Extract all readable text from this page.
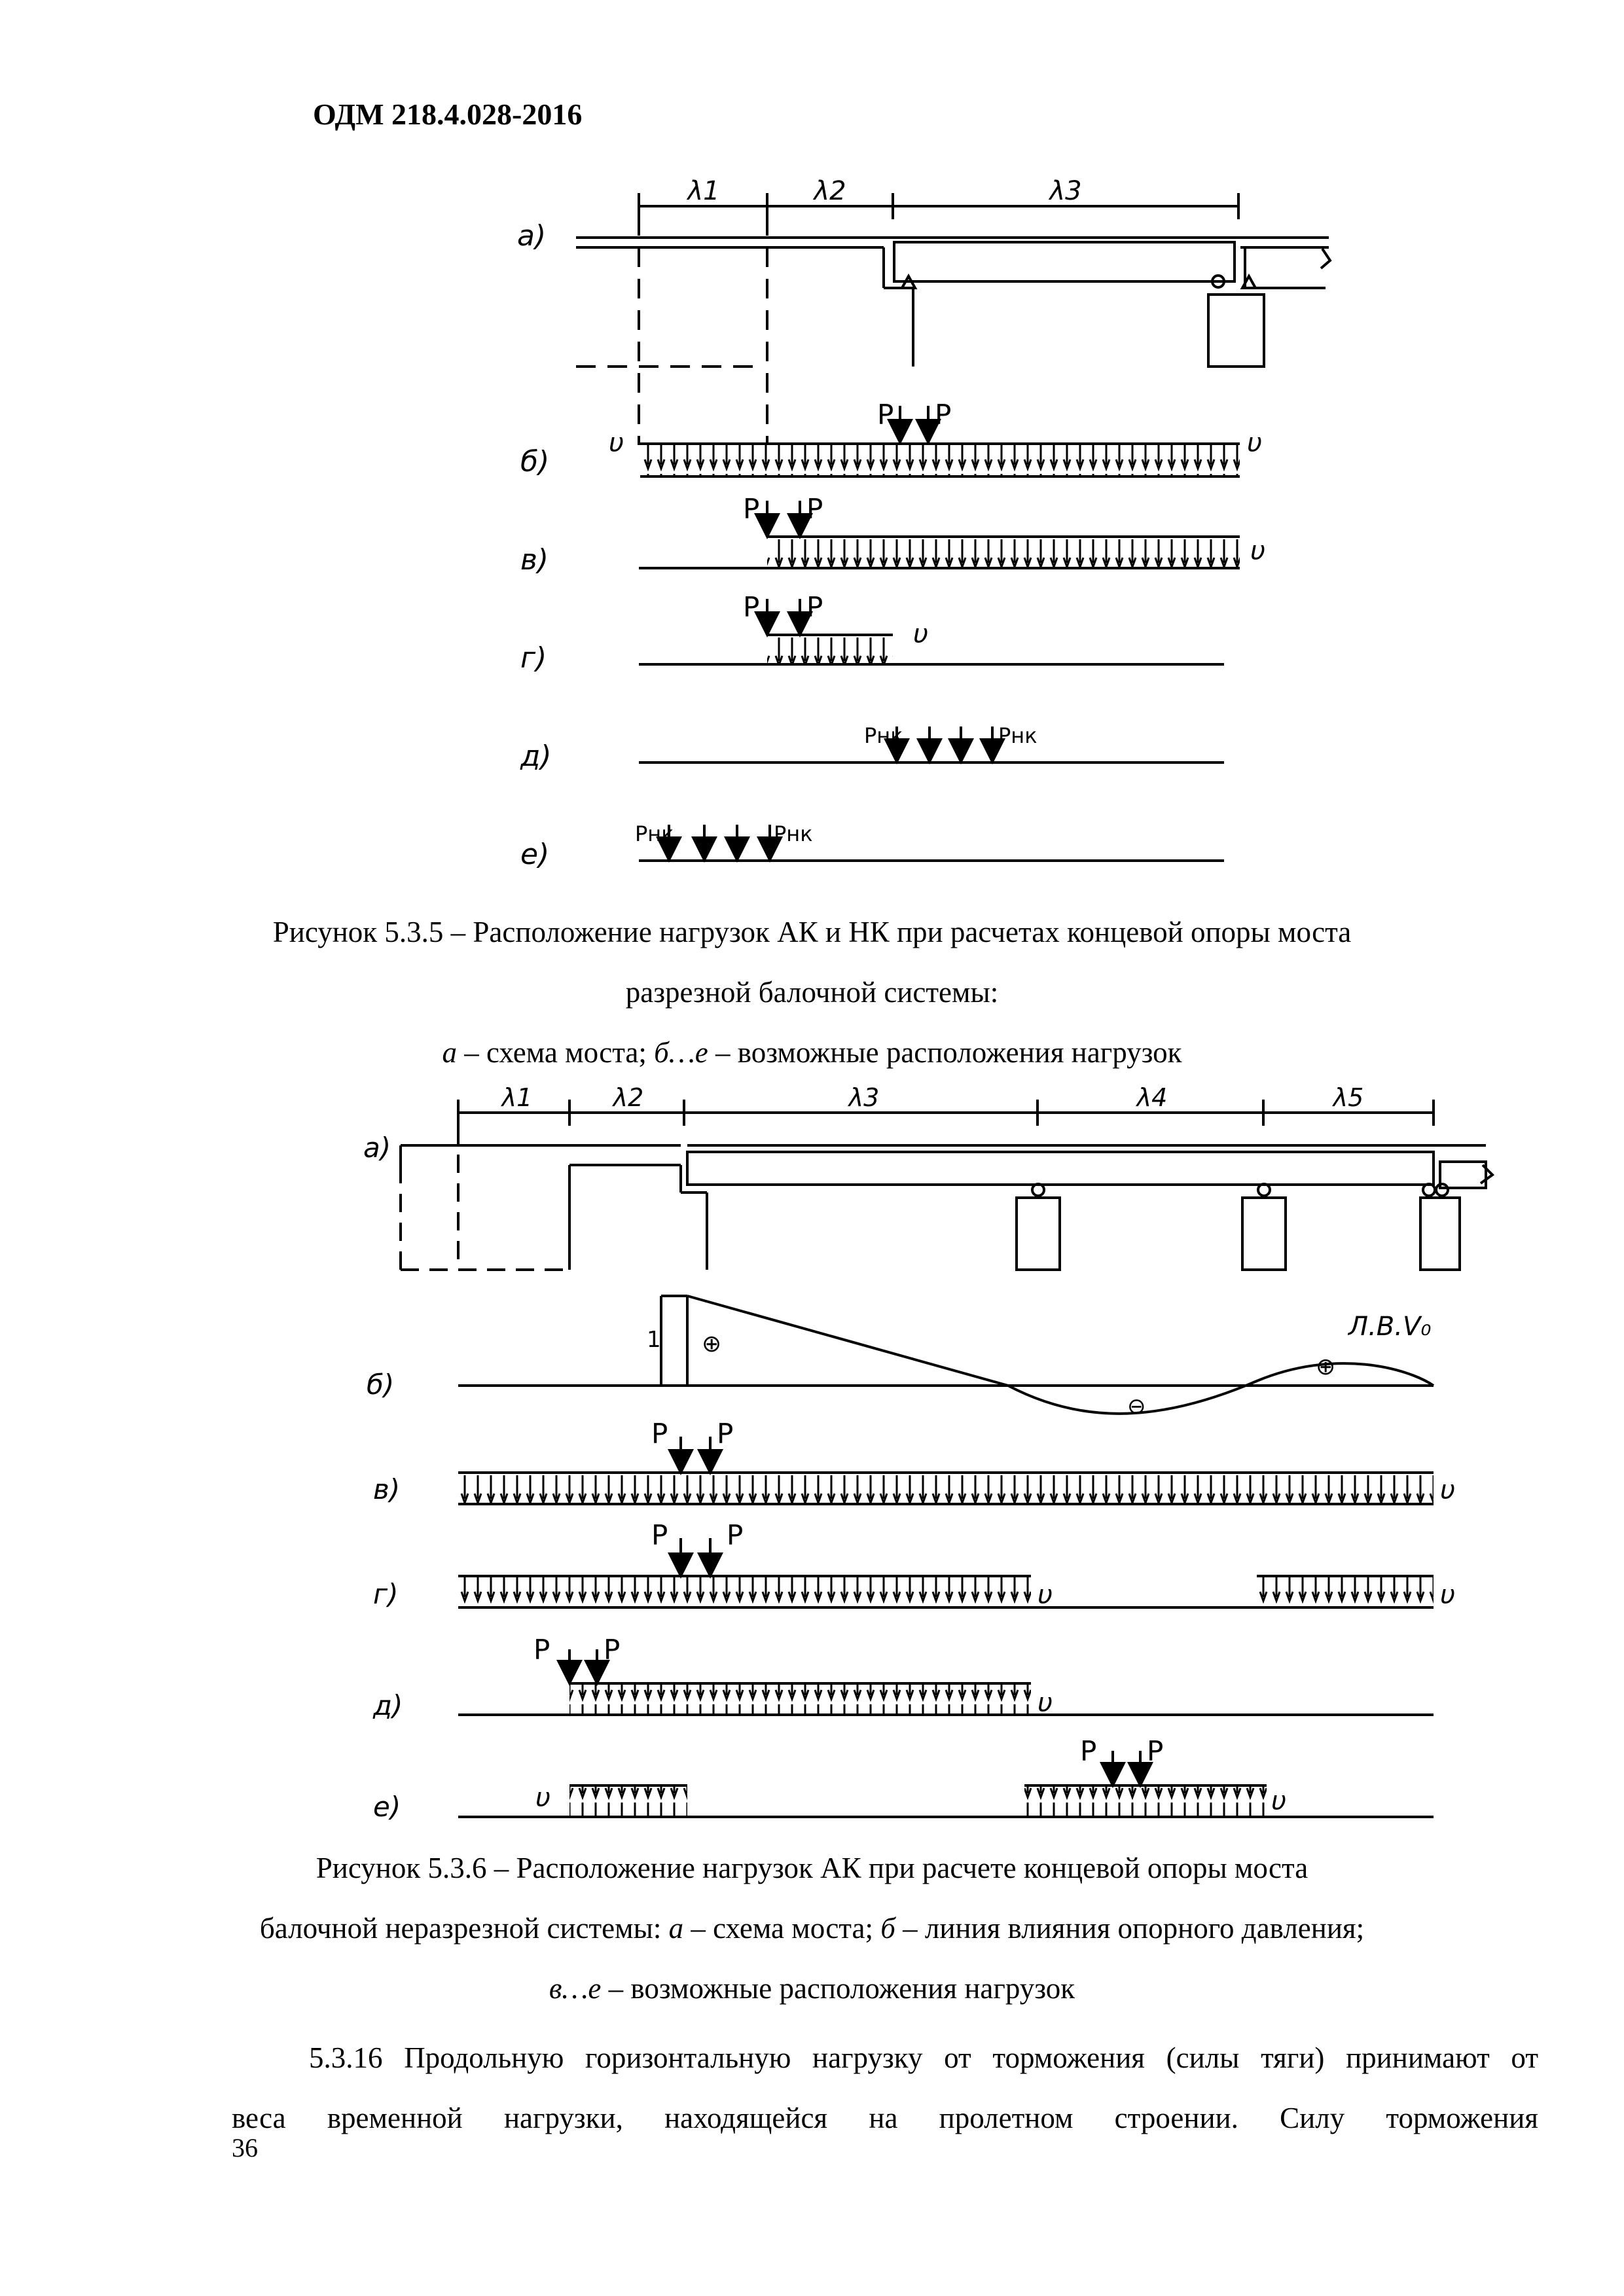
ОДМ 218.4.028-2016
λ1	λ2	λ3
а)
б)
в)
г)
д)
е)
P P
υ	υ
P P
υ
P P
υ
Pнк	Pнк
Pнк	Pнк
Рисунок 5.3.5 – Расположение нагрузок АК и НК при расчетах концевой опоры моста
разрезной балочной системы:
а – схема моста; б…е – возможные расположения нагрузок
λ1	λ2	λ3	λ4	λ5
а)
б)
в)
г)
д)
е)
Л.В.V₀
1 ⊕
⊖
⊕
P P
υ
P P
υ	υ
P P
υ
υ
P P
υ
Рисунок 5.3.6 – Расположение нагрузок АК при расчете концевой опоры моста
балочной неразрезной системы: а – схема моста; б – линия влияния опорного давления;
в…е – возможные расположения нагрузок
5.3.16 Продольную горизонтальную нагрузку от торможения (силы тяги) принимают от
веса временной нагрузки, находящейся на пролетном строении. Силу торможения
36
